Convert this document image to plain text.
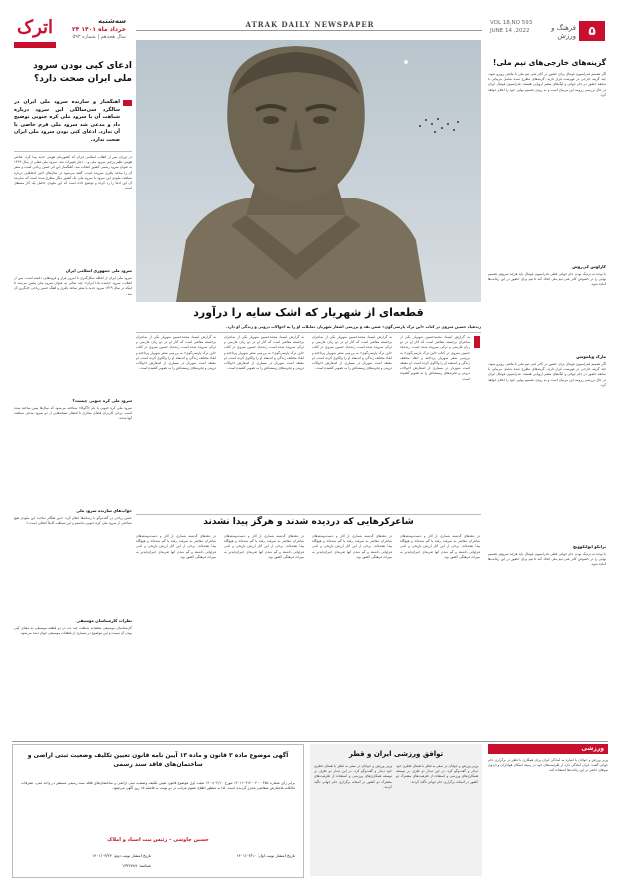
اترک	سه‌شنبه
۲۴ خرداد ماه ۱۴۰۱
سال هجدهم | شماره ۵۹۳
ATRAK DAILY NEWSPAPER	VOL 18,NO 593
JUNE 14 ,2022	فرهنگ و ورزش	۵
ادعای کپی بودن سرود ملی ایران صحت دارد؟
آهنگساز و سازنده سرود ملی ایران در سالگرد سی‌سالگی این سرود درباره شباهت آن با سرود ملی کره جنوبی توضیح داد و مدعی شد سرود ملی قرم خاصی با آن ندارد. ادعای کپی بودن سرود ملی ایران صحت ندارد.
در دوران پس از انقلاب اسلامی ایران که کشورمان هویتی جدید پیدا کرد، عناصر هویتی نظیر پرچم، سرود ملی و... دچار تغییرات شد. سرود ملی فعلی از سال ۱۳۶۹ به عنوان سرود رسمی کشور انتخاب شد. آهنگساز این اثر حسن ریاحی است و شعر آن را ساعد باقری سروده است. گفته می‌شود در سال‌های اخیر ادعاهایی درباره شباهت ملودی این سرود با سرود ملی یک کشور دیگر مطرح شده است که سازنده آن این ادعا را رد کرده و توضیح داده است که این ملودی حاصل یک کار مستقل است.
سرود ملی جمهوری اسلامی ایران
سرود ملی ایران از لحظه شکل‌گیری تا امروز فراز و فرودهایی داشته است. پس از انقلاب، سرود «پاینده بادا ایران» چند سالی به عنوان سرود ملی پخش می‌شد تا اینکه در سال ۱۳۶۹ سرود جدید با شعر ساعد باقری و آهنگ حسن ریاحی جایگزین آن شد.
سرود ملی کره جنوبی چیست؟
سرود ملی کره جنوبی با نام «آگوکا» شناخته می‌شود که سال‌ها پیش ساخته شده است. برخی کاربران فضای مجازی با انتشار نسخه‌هایی از دو سرود مدعی شباهت آنها شدند.
جواب‌های سازنده سرود ملی
حسن ریاحی در گفت‌وگو با رسانه‌ها اعلام کرد: «من هنگام ساخت این ملودی هیچ شناختی از سرود ملی کره جنوبی نداشتم و این شباهت کاملاً اتفاقی است.»
نظرات کارشناسان موسیقی
کارشناسان موسیقی معتقدند شباهت چند نت در دو قطعه موسیقی به معنای کپی بودن آن نیست و این موضوع در بسیاری از قطعات موسیقی جهان دیده می‌شود.
قطعه‌ای از شهریار که اشک سایه را درآورد
زندهیاد حسین منزوی در کتاب «این ترک پارسی‌گوی» ضمن نقد و بررسی اشعار شهریار، تمایلات او را به احوالات درونی و زندگی او دارد.
به گزارش ایسنا، محمدحسین شهریار یکی از شاعران برجسته معاصر است که آثار او در دو زبان فارسی و ترکی سروده شده است. زنده‌یاد حسین منزوی در کتاب «این ترک پارسی‌گوی» به بررسی شعر شهریار پرداخته و ابعاد مختلف زندگی و اندیشه او را واکاوی کرده است. او معتقد است شهریار در بسیاری از اشعارش احوالات درونی و تجربه‌های زیسته‌اش را به تصویر کشیده است.
به گزارش ایسنا، محمدحسین شهریار یکی از شاعران برجسته معاصر است که آثار او در دو زبان فارسی و ترکی سروده شده است. زنده‌یاد حسین منزوی در کتاب «این ترک پارسی‌گوی» به بررسی شعر شهریار پرداخته و ابعاد مختلف زندگی و اندیشه او را واکاوی کرده است. او معتقد است شهریار در بسیاری از اشعارش احوالات درونی و تجربه‌های زیسته‌اش را به تصویر کشیده است.
به گزارش ایسنا، محمدحسین شهریار یکی از شاعران برجسته معاصر است که آثار او در دو زبان فارسی و ترکی سروده شده است. زنده‌یاد حسین منزوی در کتاب «این ترک پارسی‌گوی» به بررسی شعر شهریار پرداخته و ابعاد مختلف زندگی و اندیشه او را واکاوی کرده است. او معتقد است شهریار در بسیاری از اشعارش احوالات درونی و تجربه‌های زیسته‌اش را به تصویر کشیده است.
به گزارش ایسنا، محمدحسین شهریار یکی از شاعران برجسته معاصر است که آثار او در دو زبان فارسی و ترکی سروده شده است. زنده‌یاد حسین منزوی در کتاب «این ترک پارسی‌گوی» به بررسی شعر شهریار پرداخته و ابعاد مختلف زندگی و اندیشه او را واکاوی کرده است. او معتقد است شهریار در بسیاری از اشعارش احوالات درونی و تجربه‌های زیسته‌اش را به تصویر کشیده است.
شاعرکرهایی که دردیده شدند و هرگز پیدا نشدند
در دهه‌های گذشته شماری از آثار و دست‌نوشته‌های شاعران معاصر به سرقت رفته یا گم شده‌اند و هیچ‌گاه پیدا نشده‌اند. برخی از این آثار ارزش تاریخی و ادبی فراوانی داشتند و گم شدن آنها ضربه‌ای جبران‌ناپذیر به میراث فرهنگی کشور بود.
در دهه‌های گذشته شماری از آثار و دست‌نوشته‌های شاعران معاصر به سرقت رفته یا گم شده‌اند و هیچ‌گاه پیدا نشده‌اند. برخی از این آثار ارزش تاریخی و ادبی فراوانی داشتند و گم شدن آنها ضربه‌ای جبران‌ناپذیر به میراث فرهنگی کشور بود.
در دهه‌های گذشته شماری از آثار و دست‌نوشته‌های شاعران معاصر به سرقت رفته یا گم شده‌اند و هیچ‌گاه پیدا نشده‌اند. برخی از این آثار ارزش تاریخی و ادبی فراوانی داشتند و گم شدن آنها ضربه‌ای جبران‌ناپذیر به میراث فرهنگی کشور بود.
در دهه‌های گذشته شماری از آثار و دست‌نوشته‌های شاعران معاصر به سرقت رفته یا گم شده‌اند و هیچ‌گاه پیدا نشده‌اند. برخی از این آثار ارزش تاریخی و ادبی فراوانی داشتند و گم شدن آنها ضربه‌ای جبران‌ناپذیر به میراث فرهنگی کشور بود.
گزینه‌های خارجی‌های تیم ملی!
اگر تصمیم فدراسیون فوتبال برای حضور در کادر فنی تیم ملی با مانعی روبرو شود، چند گزینه خارجی در فهرست قرار دارند. گزینه‌های مطرح شده شامل مربیانی با سابقه حضور در جام جهانی و لیگ‌های معتبر اروپایی هستند. فدراسیون فوتبال ایران در حال بررسی رزومه این مربیان است و به زودی تصمیم نهایی خود را اعلام خواهد کرد.
کارلوس کی‌روش
با توجه به نزدیک بودن جام جهانی قطر، فدراسیون فوتبال باید هرچه سریع‌تر تصمیم نهایی را در خصوص کادر فنی تیم ملی اتخاذ کند تا تیم برای حضور در این رقابت‌ها آماده شود.
مارک ویلموتس
اگر تصمیم فدراسیون فوتبال برای حضور در کادر فنی تیم ملی با مانعی روبرو شود، چند گزینه خارجی در فهرست قرار دارند. گزینه‌های مطرح شده شامل مربیانی با سابقه حضور در جام جهانی و لیگ‌های معتبر اروپایی هستند. فدراسیون فوتبال ایران در حال بررسی رزومه این مربیان است و به زودی تصمیم نهایی خود را اعلام خواهد کرد.
برانکو ایوانکوویچ
با توجه به نزدیک بودن جام جهانی قطر، فدراسیون فوتبال باید هرچه سریع‌تر تصمیم نهایی را در خصوص کادر فنی تیم ملی اتخاذ کند تا تیم برای حضور در این رقابت‌ها آماده شود.
آگهی موضوع ماده ۳ قانون و ماده ۱۳ آیین نامه قانون تعیین تکلیف وضعیت ثبتی اراضی و ساختمان‌های فاقد سند رسمی
برابر رأی شماره ۱۴۰۱۶۰۳۱۴۰۰۲۰۰۰۴۵۸ مورخ ۱۴۰۱/۰۳/۱۰ هیئت اول موضوع قانون تعیین تکلیف وضعیت ثبتی اراضی و ساختمان‌های فاقد سند رسمی مستقر در واحد ثبتی، تصرفات مالکانه بلامعارض متقاضی محرز گردیده است. لذا به منظور اطلاع عموم مراتب در دو نوبت به فاصله ۱۵ روز آگهی می‌شود.
حسین چاوشی – رئیس ثبت اسناد و املاک
تاریخ انتشار نوبت اول: ۱۴۰۱/۰۳/۱۰
تاریخ انتشار نوبت دوم: ۱۴۰۱/۰۳/۲۴
شناسه: ۱۳۳۶۷۸۹
توافق ورزشی ایران و قطر
وزیر ورزش و جوانان در سفر به قطر با همتای قطری خود دیدار و گفت‌وگو کرد. در این دیدار دو طرف بر توسعه همکاری‌های ورزشی و استفاده از ظرفیت‌های مشترک دو کشور در آستانه برگزاری جام جهانی تأکید کردند.
وزیر ورزش و جوانان در سفر به قطر با همتای قطری خود دیدار و گفت‌وگو کرد. در این دیدار دو طرف بر توسعه همکاری‌های ورزشی و استفاده از ظرفیت‌های مشترک دو کشور در آستانه برگزاری جام جهانی تأکید کردند.
ورزشی
وزیر ورزش و جوانان با اشاره به آمادگی ایران برای همکاری با قطر در برگزاری جام جهانی گفت: ایران آمادگی دارد از ظرفیت‌های خود در زمینه اسکان هواداران و اردوی تیم‌های حاضر در این رقابت‌ها استفاده کند.
